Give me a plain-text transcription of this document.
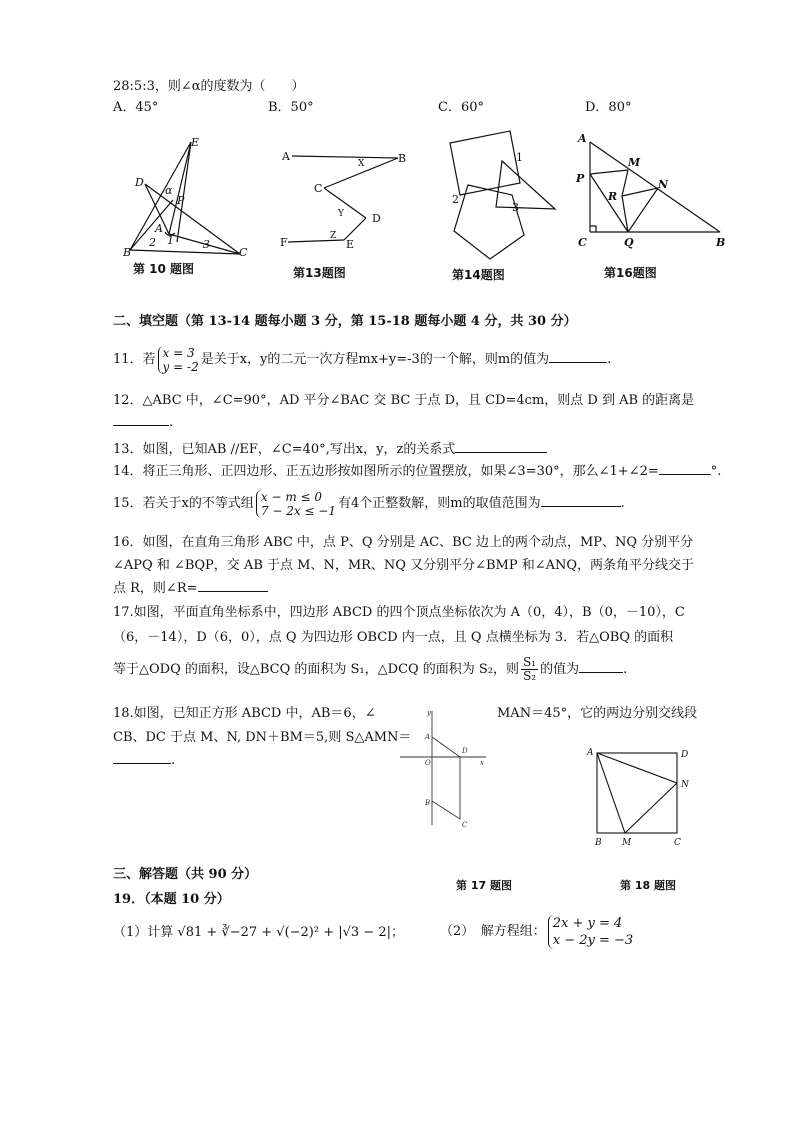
28:5:3，则∠α的度数为（　　）
A．45°	B．50°	C．60°	D．80°
E
D
α
P
A
2 1	3
B	C
第 10 题图
A
X	B
C
Y	D
F	Z
E
第13题图
1
2
3
第14题图
A
M
P
R
N
C	Q	B
第16题图
二、填空题（第 13-14 题每小题 3 分，第 15-18 题每小题 4 分，共 30 分）
11．若 x = 3
y = -2 是关于x，y的二元一次方程mx+y=-3的一个解，则m的值为	.
12．△ABC 中，∠C=90°，AD 平分∠BAC 交 BC 于点 D，且 CD=4cm，则点 D 到 AB 的距离是
.
13．如图，已知AB //EF，∠C=40°,写出x，y，z的关系式
14．将正三角形、正四边形、正五边形按如图所示的位置摆放，如果∠3=30°，那么∠1+∠2=	°.
15．若关于x的不等式组 x − m ≤ 0
7 − 2x ≤ −1 有4个正整数解，则m的取值范围为	.
16．如图，在直角三角形 ABC 中，点 P、Q 分别是 AC、BC 边上的两个动点，MP、NQ 分别平分
∠APQ 和 ∠BQP，交 AB 于点 M、N，MR、NQ 又分别平分∠BMP 和∠ANQ，两条角平分线交于
点 R，则∠R=
17.如图，平面直角坐标系中，四边形 ABCD 的四个顶点坐标依次为 A（0，4），B（0，－10），C
（6，－14），D（6，0），点 Q 为四边形 OBCD 内一点，且 Q 点横坐标为 3．若△OBQ 的面积
等于△ODQ 的面积，设△BCQ 的面积为 S₁，△DCQ 的面积为 S₂，则 $\frac{\text{S₁}}{\text{S₂}}$ 的值为	.
18.如图，已知正方形 ABCD 中，AB＝6，∠	MAN＝45°，它的两边分别交线段
CB、DC 于点 M、N, DN＋BM＝5,则 S△AMN＝
.
y
A
D
O	x
B
C
第 17 题图
A	D
N
B M	C
第 18 题图
三、解答题（共 90 分）
19．（本题 10 分）
（1）计算 √81 + ∛−27 + √(−2)² + |√3 − 2|；	（2）　解方程组：2x + y = 4
x − 2y = −3
